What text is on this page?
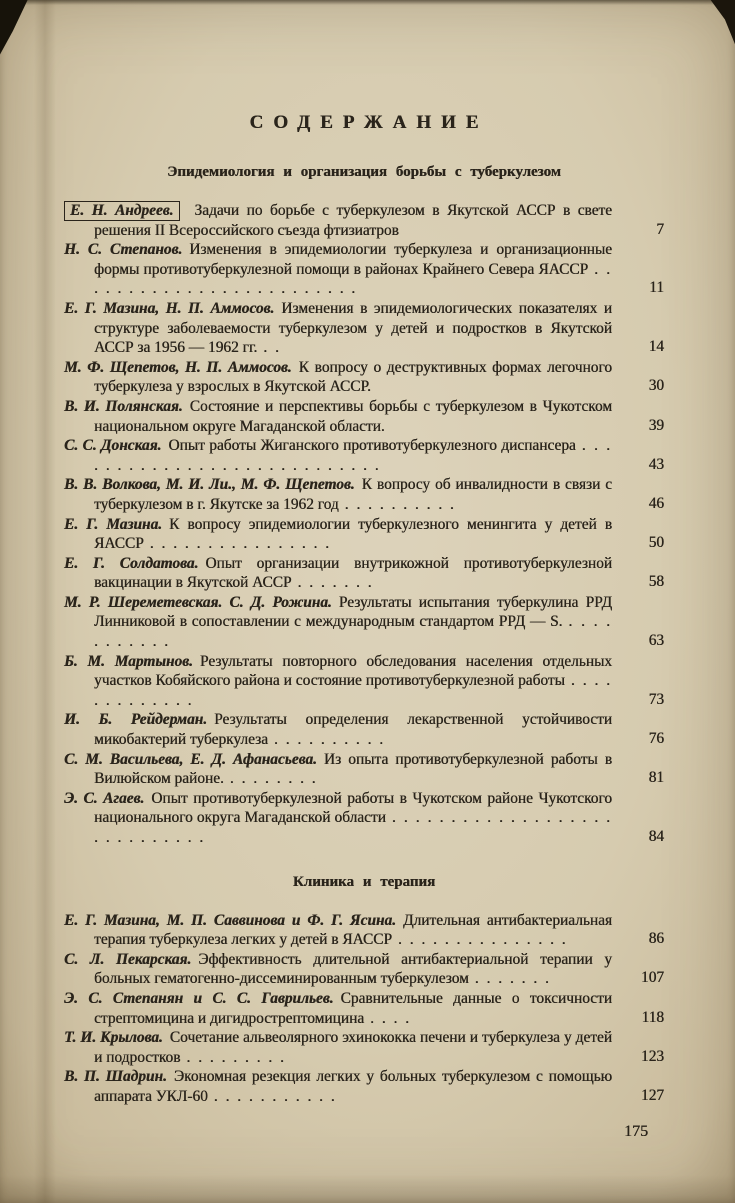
СОДЕРЖАНИЕ
Эпидемиология и организация борьбы с туберкулезом
7
Е. Н. Андреев. Задачи по борьбе с туберкулезом в Якутской АССР в свете решения II Всероссийского съезда фтизиатров
11
Н. С. Степанов. Изменения в эпидемиологии туберкулеза и организационные формы противотуберкулезной помощи в районах Крайнего Севера ЯАССР . . . . . . . . . . . . . . . . . . . . . . . . .
14
Е. Г. Мазина, Н. П. Аммосов. Изменения в эпидемиологических показателях и структуре заболеваемости туберкулезом у детей и подростков в Якутской АССР за 1956 — 1962 гг. . .
30
М. Ф. Щепетов, Н. П. Аммосов. К вопросу о деструктивных формах легочного туберкулеза у взрослых в Якутской АССР.
39
В. И. Полянская. Состояние и перспективы борьбы с туберкулезом в Чукотском национальном округе Магаданской области.
43
С. С. Донская. Опыт работы Жиганского противотуберкулезного диспансера . . . . . . . . . . . . . . . . . . . . . . . . . . . .
46
В. В. Волкова, М. И. Ли., М. Ф. Щепетов. К вопросу об инвалидности в связи с туберкулезом в г. Якутске за 1962 год . . . . . . . . . .
50
Е. Г. Мазина. К вопросу эпидемиологии туберкулезного менингита у детей в ЯАССР . . . . . . . . . . . . . . . .
58
Е. Г. Солдатова. Опыт организации внутрикожной противотуберкулезной вакцинации в Якутской АССР . . . . . . .
63
М. Р. Шереметевская. С. Д. Рожина. Результаты испытания туберкулина РРД Линниковой в сопоставлении с международным стандартом РРД — S. . . . . . . . . . . .
73
Б. М. Мартынов. Результаты повторного обследования населения отдельных участков Кобяйского района и состояние противотуберкулезной работы . . . . . . . . . . . . .
76
И. Б. Рейдерман. Результаты определения лекарственной устойчивости микобактерий туберкулеза . . . . . . . . . .
81
С. М. Васильева, Е. Д. Афанасьева. Из опыта противотуберкулезной работы в Вилюйском районе. . . . . . . . .
84
Э. С. Агаев. Опыт противотуберкулезной работы в Чукотском районе Чукотского национального округа Магаданской области . . . . . . . . . . . . . . . . . . . . . . . . . . . . .
Клиника и терапия
86
Е. Г. Мазина, М. П. Саввинова и Ф. Г. Ясина. Длительная антибактериальная терапия туберкулеза легких у детей в ЯАССР . . . . . . . . . . . . . . .
107
С. Л. Пекарская. Эффективность длительной антибактериальной терапии у больных гематогенно-диссеминированным туберкулезом . . . . . . .
118
Э. С. Степанян и С. С. Гаврильев. Сравнительные данные о токсичности стрептомицина и дигидрострептомицина . . . .
123
Т. И. Крылова. Сочетание альвеолярного эхинококка печени и туберкулеза у детей и подростков . . . . . . . . .
127
В. П. Шадрин. Экономная резекция легких у больных туберкулезом с помощью аппарата УКЛ-60 . . . . . . . . . . .
175
